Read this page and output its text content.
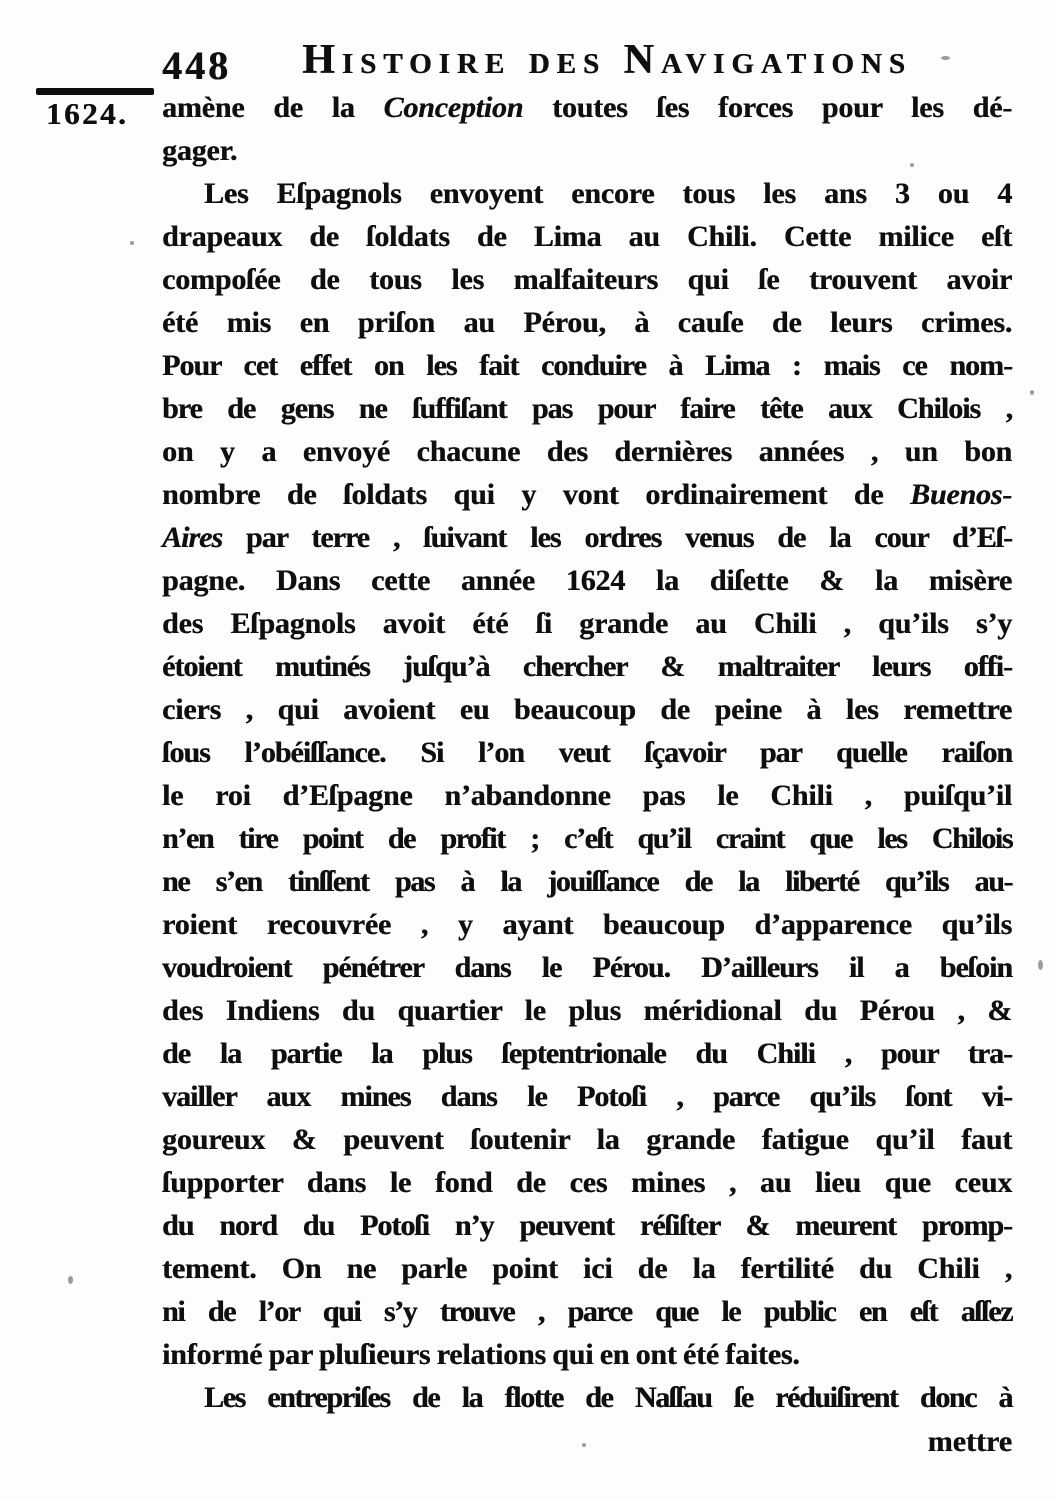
448	Histoire des Navigations
1624. amène de la Conception toutes ſes forces pour les dé-
gager.
Les Eſpagnols envoyent encore tous les ans 3 ou 4
drapeaux de ſoldats de Lima au Chili. Cette milice eſt
compoſée de tous les malfaiteurs qui ſe trouvent avoir
été mis en priſon au Pérou, à cauſe de leurs crimes.
Pour cet effet on les fait conduire à Lima : mais ce nom-
bre de gens ne ſuffiſant pas pour faire tête aux Chilois ,
on y a envoyé chacune des dernières années , un bon
nombre de ſoldats qui y vont ordinairement de Buenos-
Aires par terre , ſuivant les ordres venus de la cour d’Eſ-
pagne. Dans cette année 1624 la diſette & la misère
des Eſpagnols avoit été ſi grande au Chili , qu’ils s’y
étoient mutinés juſqu’à chercher & maltraiter leurs offi-
ciers , qui avoient eu beaucoup de peine à les remettre
ſous l’obéiſſance. Si l’on veut ſçavoir par quelle raiſon
le roi d’Eſpagne n’abandonne pas le Chili , puiſqu’il
n’en tire point de profit ; c’eſt qu’il craint que les Chilois
ne s’en tinſſent pas à la jouiſſance de la liberté qu’ils au-
roient recouvrée , y ayant beaucoup d’apparence qu’ils
voudroient pénétrer dans le Pérou. D’ailleurs il a beſoin
des Indiens du quartier le plus méridional du Pérou , &
de la partie la plus ſeptentrionale du Chili , pour tra-
vailler aux mines dans le Potoſi , parce qu’ils ſont vi-
goureux & peuvent ſoutenir la grande fatigue qu’il faut
ſupporter dans le fond de ces mines , au lieu que ceux
du nord du Potoſi n’y peuvent réſiſter & meurent promp-
tement. On ne parle point ici de la fertilité du Chili ,
ni de l’or qui s’y trouve , parce que le public en eſt aſſez
informé par pluſieurs relations qui en ont été faites.
Les entrepriſes de la flotte de Naſſau ſe réduiſirent donc à
mettre
